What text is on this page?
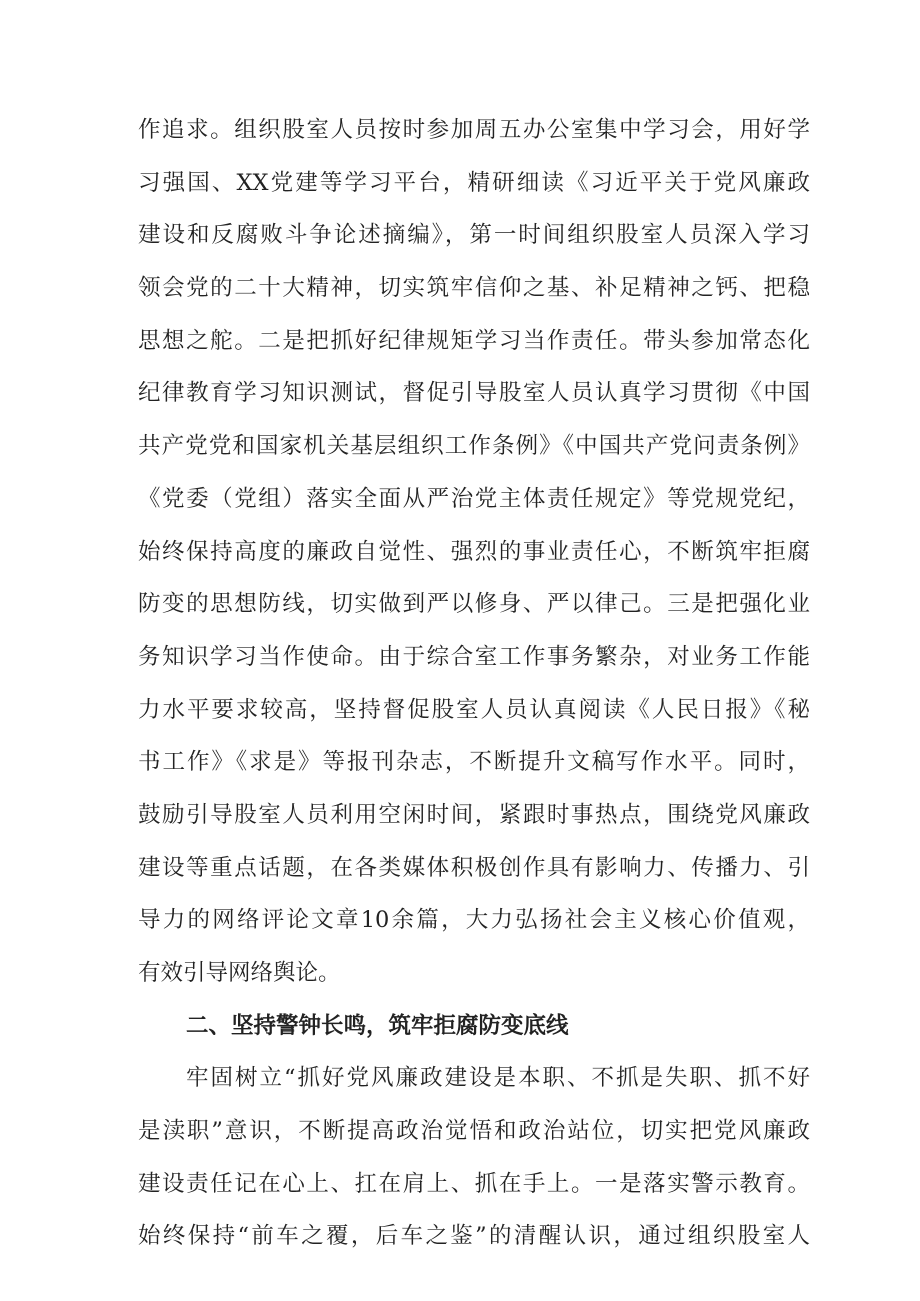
作追求。组织股室人员按时参加周五办公室集中学习会，用好学
习强国、XX党建等学习平台，精研细读《习近平关于党风廉政
建设和反腐败斗争论述摘编》，第一时间组织股室人员深入学习
领会党的二十大精神，切实筑牢信仰之基、补足精神之钙、把稳
思想之舵。二是把抓好纪律规矩学习当作责任。带头参加常态化
纪律教育学习知识测试，督促引导股室人员认真学习贯彻《中国
共产党党和国家机关基层组织工作条例》《中国共产党问责条例》
《党委（党组）落实全面从严治党主体责任规定》等党规党纪，
始终保持高度的廉政自觉性、强烈的事业责任心，不断筑牢拒腐
防变的思想防线，切实做到严以修身、严以律己。三是把强化业
务知识学习当作使命。由于综合室工作事务繁杂，对业务工作能
力水平要求较高，坚持督促股室人员认真阅读《人民日报》《秘
书工作》《求是》等报刊杂志，不断提升文稿写作水平。同时，
鼓励引导股室人员利用空闲时间，紧跟时事热点，围绕党风廉政
建设等重点话题，在各类媒体积极创作具有影响力、传播力、引
导力的网络评论文章10余篇，大力弘扬社会主义核心价值观，
有效引导网络舆论。
二、坚持警钟长鸣，筑牢拒腐防变底线
牢固树立“抓好党风廉政建设是本职、不抓是失职、抓不好
是渎职”意识，不断提高政治觉悟和政治站位，切实把党风廉政
建设责任记在心上、扛在肩上、抓在手上。一是落实警示教育。
始终保持“前车之覆，后车之鉴”的清醒认识，通过组织股室人
